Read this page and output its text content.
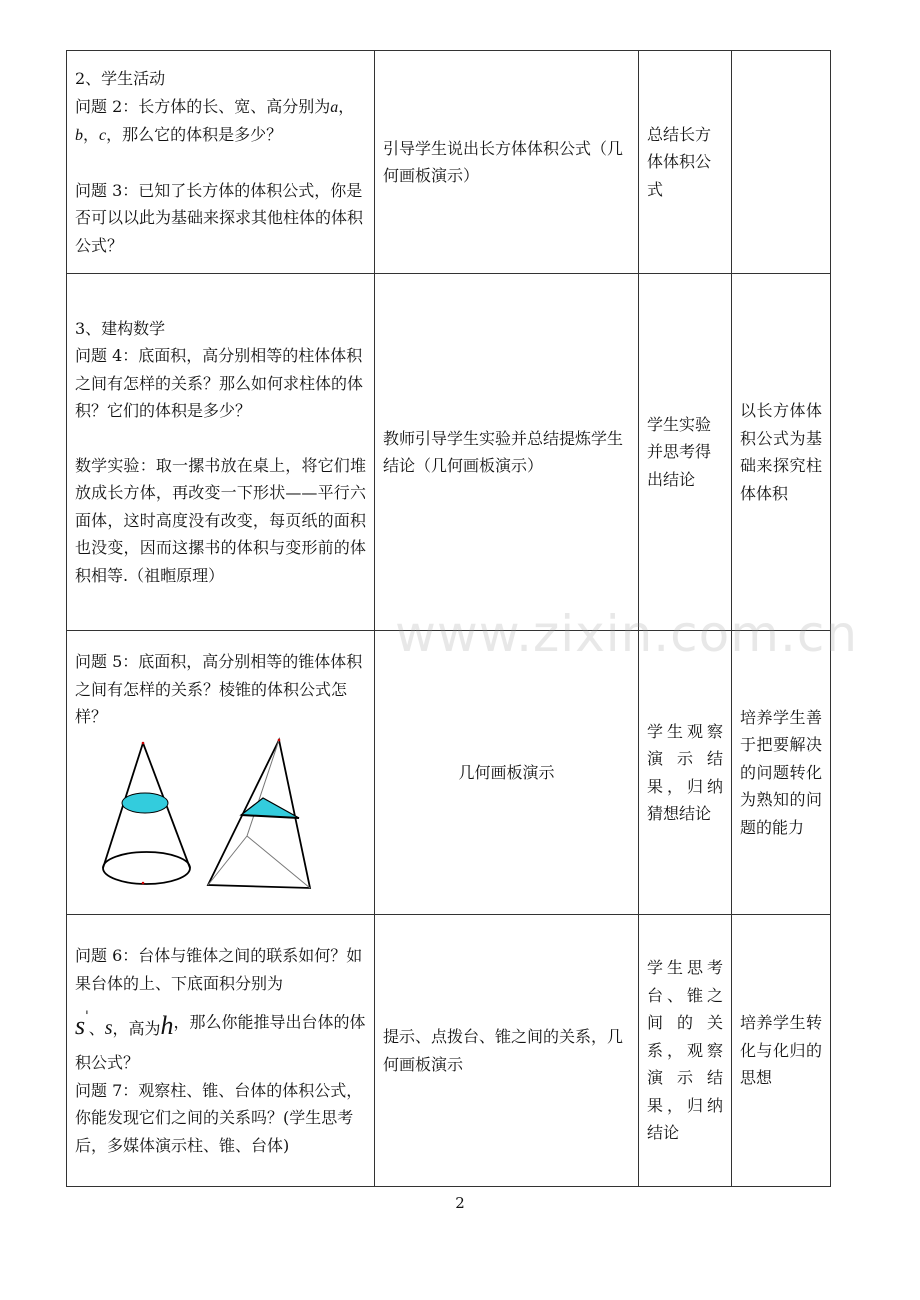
2、学生活动
问题 2：长方体的长、宽、高分别为a，b，c，那么它的体积是多少？
问题 3：已知了长方体的体积公式，你是否可以以此为基础来探求其他柱体的体积公式？	引导学生说出长方体体积公式（几何画板演示）	总结长方体体积公式	

3、建构数学
问题 4：底面积，高分别相等的柱体体积之间有怎样的关系？那么如何求柱体的体积？它们的体积是多少？
数学实验：取一摞书放在桌上，将它们堆放成长方体，再改变一下形状——平行六面体，这时高度没有改变，每页纸的面积也没变，因而这摞书的体积与变形前的体积相等.（祖暅原理）	教师引导学生实验并总结提炼学生结论（几何画板演示）	学生实验并思考得出结论	以长方体体积公式为基础来探究柱体体积

问题 5：底面积，高分别相等的锥体体积之间有怎样的关系？棱锥的体积公式怎样？	几何画板演示	学生观察演示结果，归纳猜想结论	培养学生善于把要解决的问题转化为熟知的问题的能力

问题 6：台体与锥体之间的联系如何？如果台体的上、下底面积分别为 s'、s，高为h，那么你能推导出台体的体积公式？
问题 7：观察柱、锥、台体的体积公式，你能发现它们之间的关系吗？(学生思考后，多媒体演示柱、锥、台体)	提示、点拨台、锥之间的关系，几何画板演示	学生思考台、锥之间的关系，观察演示结果，归纳结论	培养学生转化与化归的思想
www.zixin.com.cn
2
